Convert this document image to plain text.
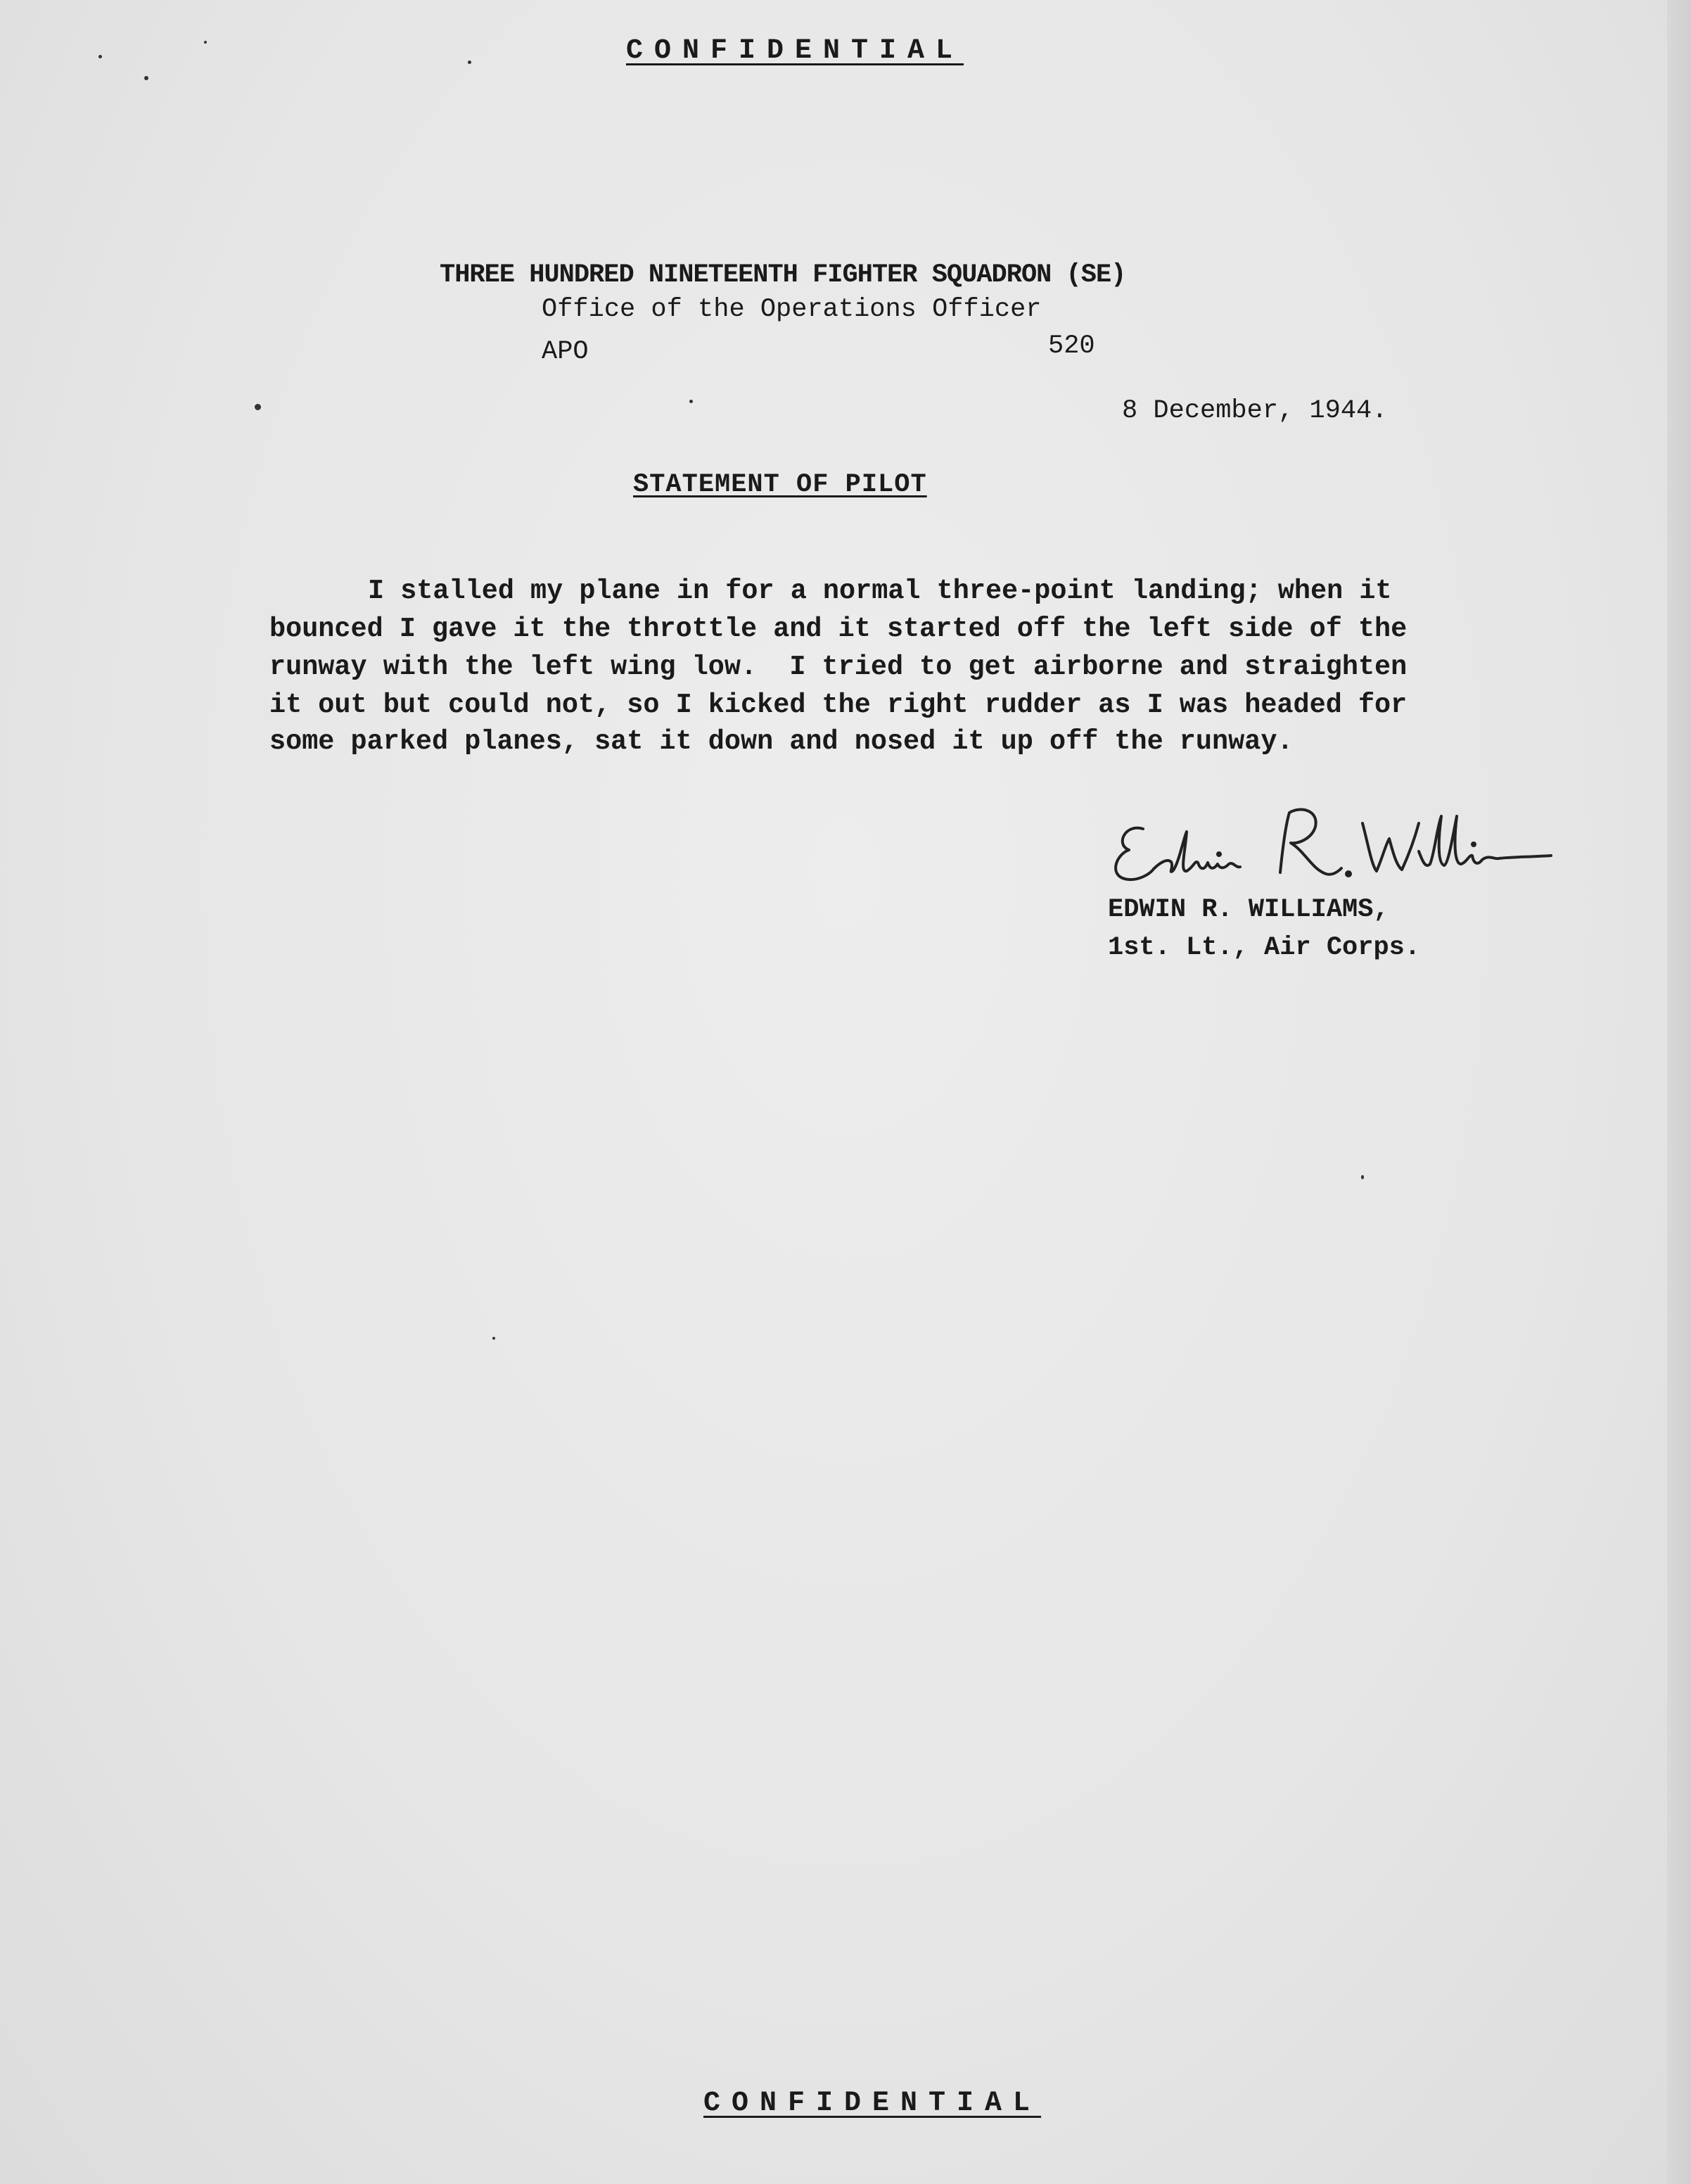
CONFIDENTIAL
THREE HUNDRED NINETEENTH FIGHTER SQUADRON (SE)
Office of the Operations Officer

APO

	520

8 December, 1944.
STATEMENT OF PILOT
I stalled my plane in for a normal three-point landing; when it
bounced I gave it the throttle and it started off the left side of the
runway with the left wing low.  I tried to get airborne and straighten
it out but could not, so I kicked the right rudder as I was headed for
some parked planes, sat it down and nosed it up off the runway.
EDWIN R. WILLIAMS,
1st. Lt., Air Corps.
CONFIDENTIAL
